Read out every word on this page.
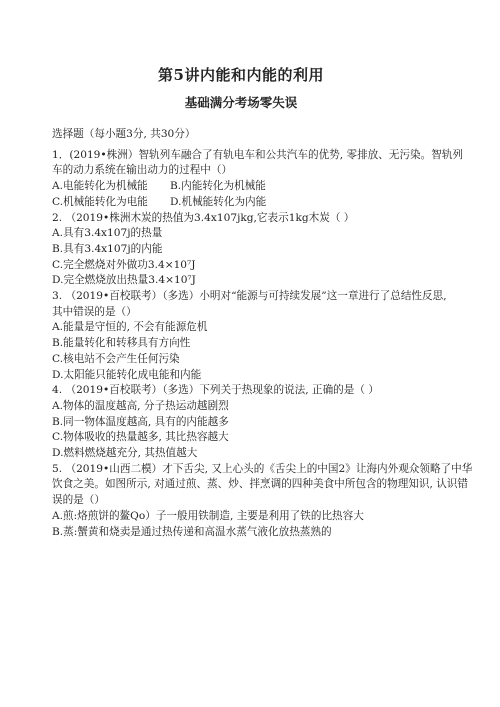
第5讲内能和内能的利用
基础满分考场零失误

选择题（每小题3分, 共30分）

1．(2019•株洲）智轨列车融合了有轨电车和公共汽车的优势, 零排放、无污染。智轨列

车的动力系统在输出动力的过程中（）

A.电能转化为机械能 B.内能转化为机械能

C.机械能转化为电能 D.机械能转化为内能

2. （2019•株洲木炭的热值为3.4x107jkg,它表示1kg木炭（ ）

A.具有3.4x107j的热量

B.具有3.4x107j的内能

C.完全燃烧对外做功3.4×10⁷J

D.完全燃烧放出热量3.4×10⁷J

3. （2019•百校联考）（多选）小明对“能源与可持续发展”这一章进行了总结性反思,

其中错误的是（）

A.能量是守恒的, 不会有能源危机

B.能量转化和转移具有方向性

C.核电站不会产生任何污染

D.太阳能只能转化成电能和内能

4. （2019•百校联考）（多选）下列关于热现象的说法, 正确的是（ ）

A.物体的温度越高, 分子热运动越剧烈

B.同一物体温度越高, 具有的内能越多

C.物体吸收的热量越多, 其比热容越大

D.燃料燃烧越充分, 其热值越大

5. （2019•山西二模）才下舌尖, 又上心头的《舌尖上的中国2》让海内外观众领略了中华

饮食之美。如图所示, 对通过煎、蒸、炒、拌烹调的四种美食中所包含的物理知识, 认识错

误的是（）

A.煎:烙煎饼的鳌Qo）子一般用铁制造, 主要是利用了铁的比热容大

B.蒸:蟹黄和烧卖是通过热传递和高温水蒸气液化放热蒸熟的
